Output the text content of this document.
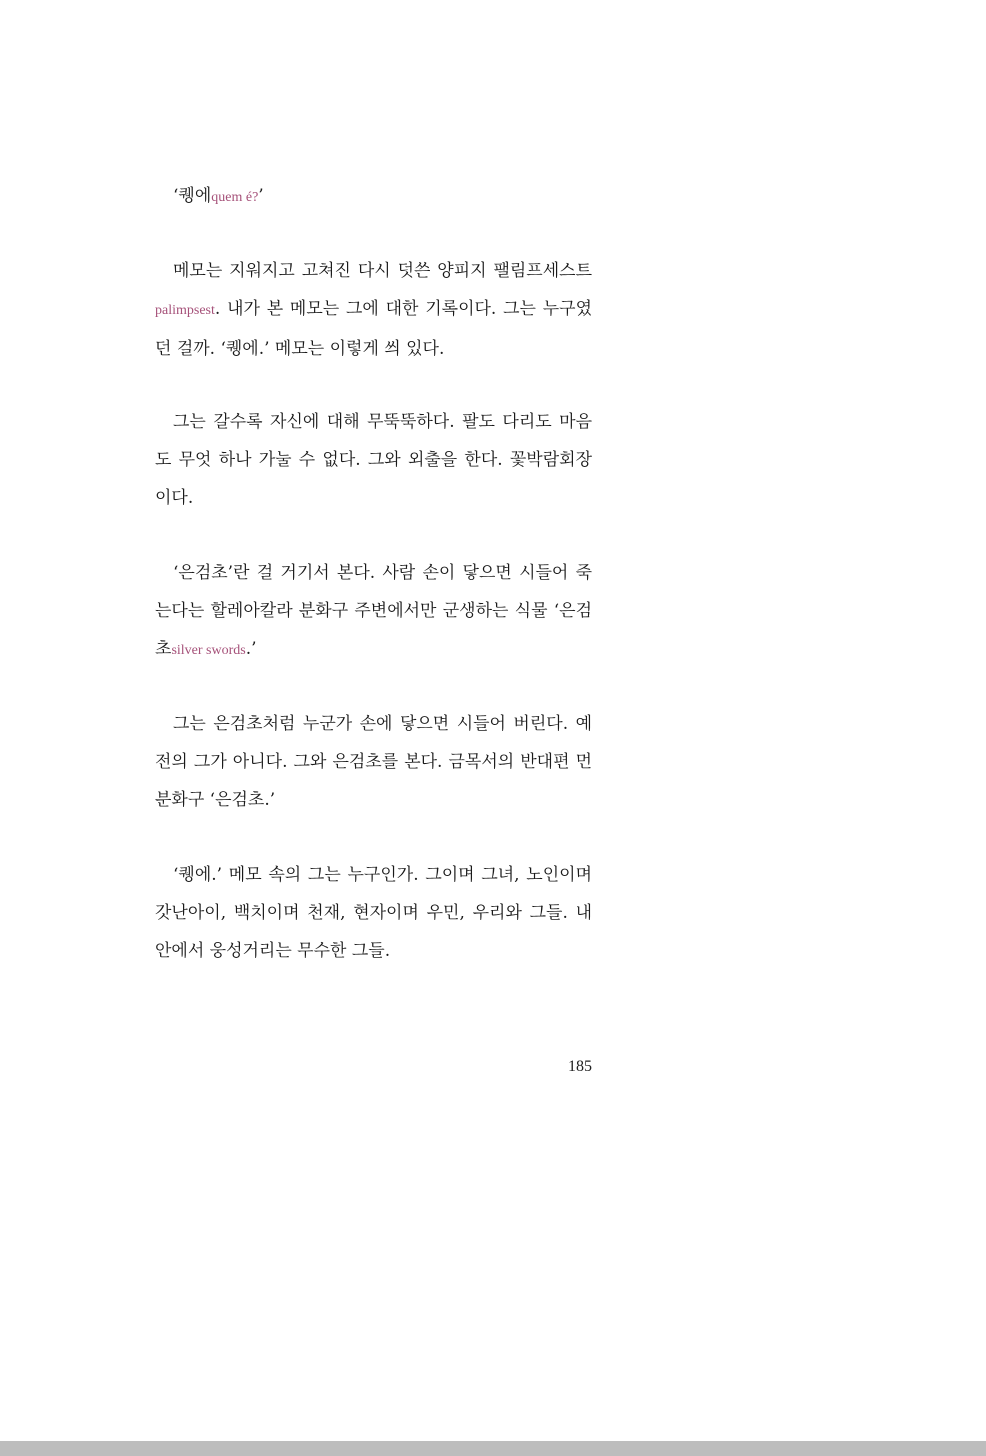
‘퀭에quem é?’

메모는 지워지고 고쳐진 다시 덧쓴 양피지 팰림프세스트palimpsest. 내가 본 메모는 그에 대한 기록이다. 그는 누구였던 걸까. ‘퀭에.’ 메모는 이렇게 씌 있다.

그는 갈수록 자신에 대해 무뚝뚝하다. 팔도 다리도 마음도 무엇 하나 가눌 수 없다. 그와 외출을 한다. 꽃박람회장이다.

‘은검초’란 걸 거기서 본다. 사람 손이 닿으면 시들어 죽는다는 할레아칼라 분화구 주변에서만 군생하는 식물 ‘은검초silver swords.’

그는 은검초처럼 누군가 손에 닿으면 시들어 버린다. 예전의 그가 아니다. 그와 은검초를 본다. 금목서의 반대편 먼 분화구 ‘은검초.’

‘퀭에.’ 메모 속의 그는 누구인가. 그이며 그녀, 노인이며 갓난아이, 백치이며 천재, 현자이며 우민, 우리와 그들. 내 안에서 웅성거리는 무수한 그들.

185
